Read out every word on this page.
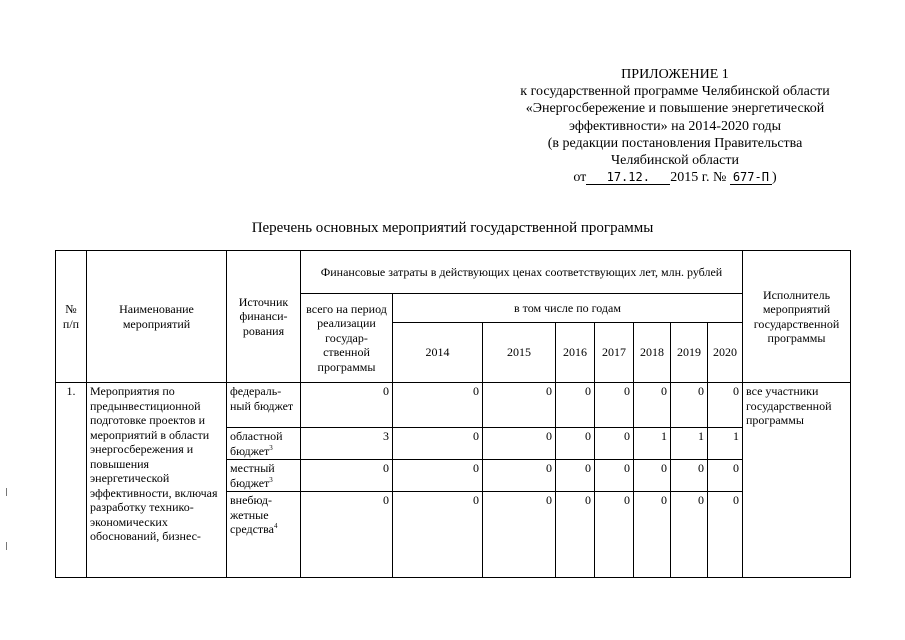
ПРИЛОЖЕНИЕ 1
к государственной программе Челябинской области
«Энергосбережение и повышение энергетической
эффективности» на 2014-2020 годы
(в редакции постановления Правительства
Челябинской области
от 17.12. 2015 г. № 677-П )
Перечень основных мероприятий государственной программы
№ п/п	Наименование мероприятий	Источник финанси-рования	Финансовые затраты в действующих ценах соответствующих лет, млн. рублей								Исполнитель мероприятий государственной программы
			всего на период реализации государ-ственной программы	в том числе по годам							
				2014	2015	2016	2017	2018	2019	2020	
1.	Мероприятия по предынвестиционной подготовке проектов и мероприятий в области энергосбережения и повышения энергетической эффективности, включая разработку технико-экономических обоснований, бизнес-	федераль-ный бюджет	0	0	0	0	0	0	0	0	все участники государственной программы
		областной бюджет$^3$	3	0	0	0	0	1	1	1	
		местный бюджет$^3$	0	0	0	0	0	0	0	0	
		внебюд-жетные средства$^4$	0	0	0	0	0	0	0	0	
